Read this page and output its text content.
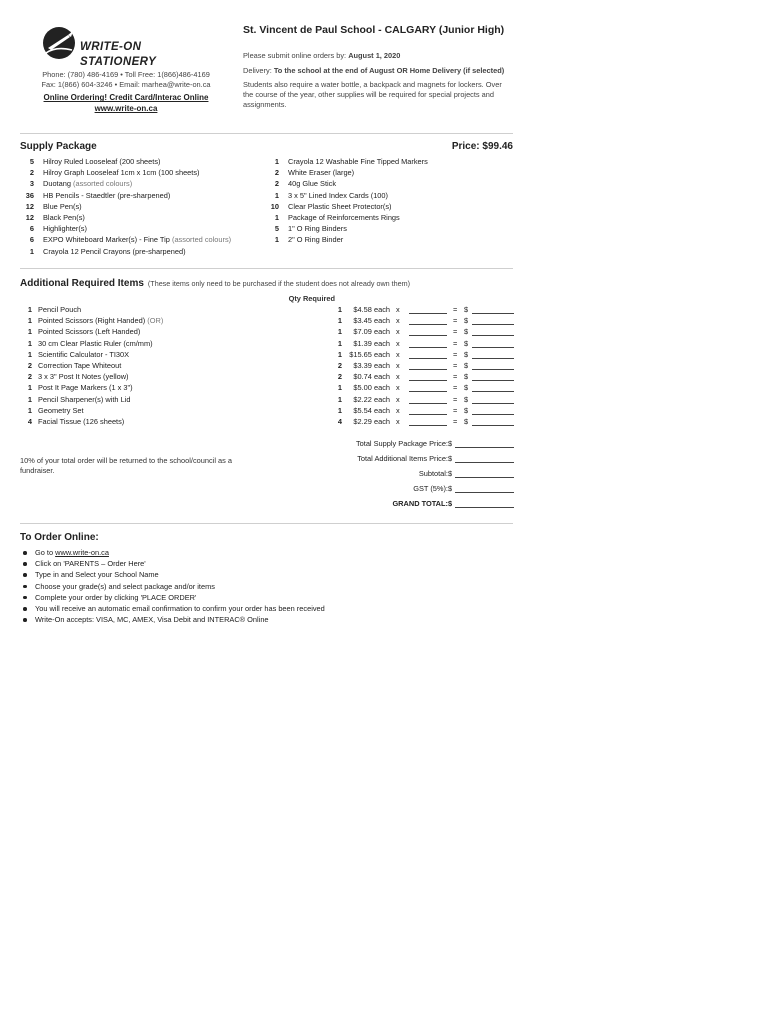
WRITE-ON STATIONERY
Phone: (780) 486-4169 • Toll Free: 1(866)486-4169
Fax: 1(866) 604-3246 • Email: marhea@write-on.ca
Online Ordering! Credit Card/Interac Online
www.write-on.ca
St. Vincent de Paul School - CALGARY (Junior High)

Please submit online orders by: August 1, 2020

Delivery: To the school at the end of August OR Home Delivery (if selected)

Students also require a water bottle, a backpack and magnets for lockers. Over the course of the year, other supplies will be required for special projects and assignments.

Supply Package	Price: $99.46
5 Hilroy Ruled Looseleaf (200 sheets)
2 Hilroy Graph Looseleaf 1cm x 1cm (100 sheets)
3 Duotang (assorted colours)
36 HB Pencils - Staedtler (pre-sharpened)
12 Blue Pen(s)
12 Black Pen(s)
6 Highlighter(s)
6 EXPO Whiteboard Marker(s) - Fine Tip (assorted colours)
1 Crayola 12 Pencil Crayons (pre-sharpened)
1 Crayola 12 Washable Fine Tipped Markers
2 White Eraser (large)
2 40g Glue Stick
1 3 x 5" Lined Index Cards (100)
10 Clear Plastic Sheet Protector(s)
1 Package of Reinforcements Rings
5 1" O Ring Binders
1 2" O Ring Binder
Additional Required Items (These items only need to be purchased if the student does not already own them)
Qty Required
1 Pencil Pouch	1	$4.58 each x	= $
1 Pointed Scissors (Right Handed) (OR)	1	$3.45 each x	= $
1 Pointed Scissors (Left Handed)	1	$7.09 each x	= $
1 30 cm Clear Plastic Ruler (cm/mm)	1	$1.39 each x	= $
1 Scientific Calculator - TI30X	1 $15.65 each x	= $
2 Correction Tape Whiteout	2	$3.39 each x	= $
2 3 x 3" Post It Notes (yellow)	2	$0.74 each x	= $
1 Post It Page Markers (1 x 3")	1	$5.00 each x	= $
1 Pencil Sharpener(s) with Lid	1	$2.22 each x	= $
1 Geometry Set	1	$5.54 each x	= $
4 Facial Tissue (126 sheets)	4	$2.29 each x	= $
Total Supply Package Price: $
Total Additional Items Price: $
Subtotal: $
GST (5%): $
GRAND TOTAL: $
10% of your total order will be returned to the school/council as a fundraiser.
To Order Online:
Go to www.write-on.ca
Click on 'PARENTS – Order Here'
Type in and Select your School Name
Choose your grade(s) and select package and/or items
Complete your order by clicking 'PLACE ORDER'
You will receive an automatic email confirmation to confirm your order has been received
Write-On accepts: VISA, MC, AMEX, Visa Debit and INTERAC® Online
